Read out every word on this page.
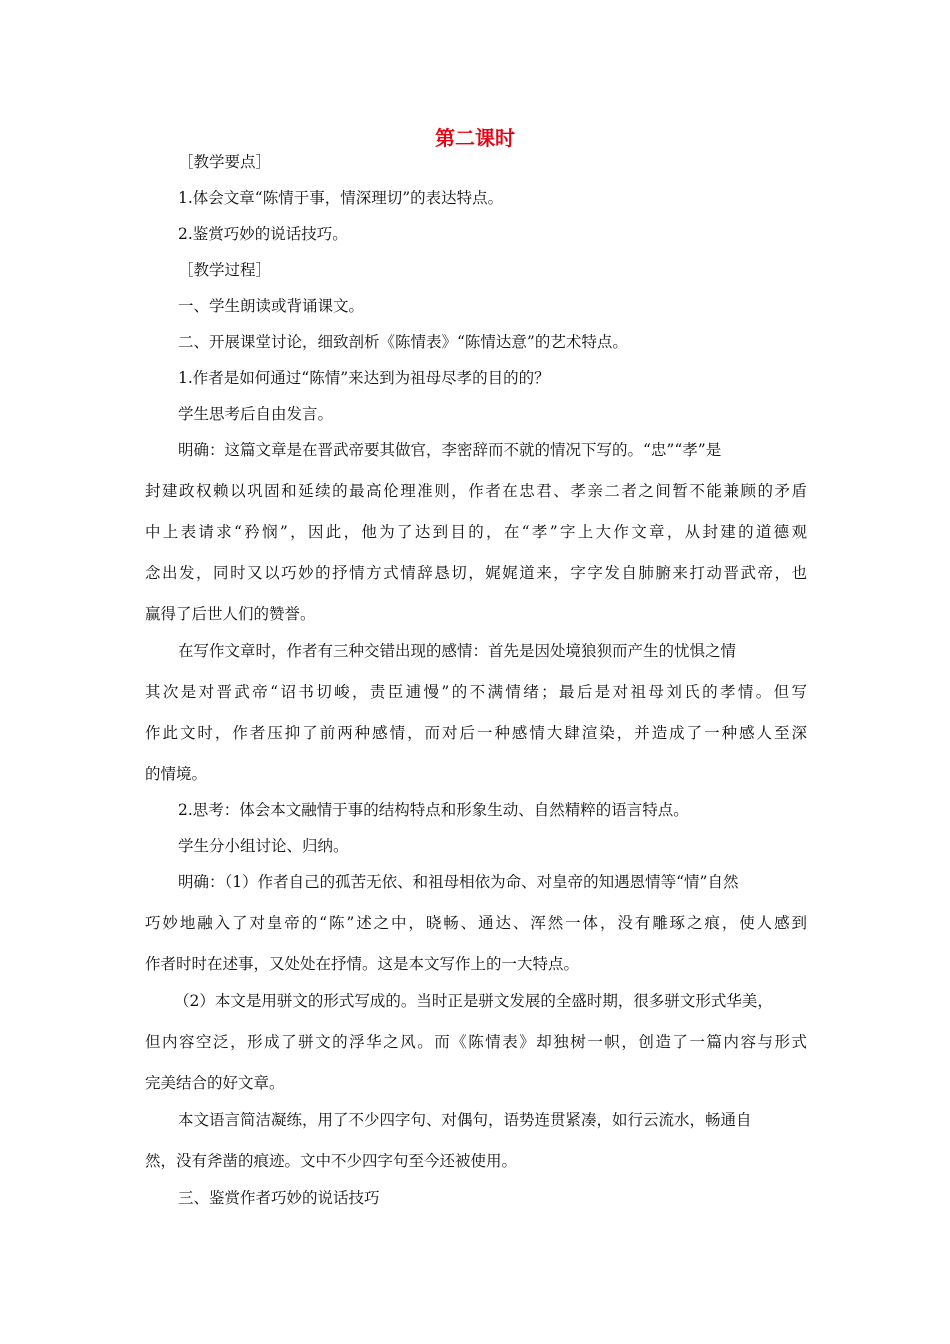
第二课时
［教学要点］
1.体会文章“陈情于事，情深理切”的表达特点。
2.鉴赏巧妙的说话技巧。
［教学过程］
一、学生朗读或背诵课文。
二、开展课堂讨论，细致剖析《陈情表》“陈情达意”的艺术特点。
1.作者是如何通过“陈情”来达到为祖母尽孝的目的的？
学生思考后自由发言。
明确：这篇文章是在晋武帝要其做官，李密辞而不就的情况下写的。“忠”“孝”是
封建政权赖以巩固和延续的最高伦理准则，作者在忠君、孝亲二者之间暂不能兼顾的矛盾
中上表请求“矜悯”，因此，他为了达到目的，在“孝”字上大作文章，从封建的道德观
念出发，同时又以巧妙的抒情方式情辞恳切，娓娓道来，字字发自肺腑来打动晋武帝，也
赢得了后世人们的赞誉。
在写作文章时，作者有三种交错出现的感情：首先是因处境狼狈而产生的忧惧之情
其次是对晋武帝“诏书切峻，责臣逋慢”的不满情绪；最后是对祖母刘氏的孝情。但写
作此文时，作者压抑了前两种感情，而对后一种感情大肆渲染，并造成了一种感人至深
的情境。
2.思考：体会本文融情于事的结构特点和形象生动、自然精粹的语言特点。
学生分小组讨论、归纳。
明确：（1）作者自己的孤苦无依、和祖母相依为命、对皇帝的知遇恩情等“情”自然
巧妙地融入了对皇帝的“陈”述之中，晓畅、通达、浑然一体，没有雕琢之痕，使人感到
作者时时在述事，又处处在抒情。这是本文写作上的一大特点。
（2）本文是用骈文的形式写成的。当时正是骈文发展的全盛时期，很多骈文形式华美，
但内容空泛，形成了骈文的浮华之风。而《陈情表》却独树一帜，创造了一篇内容与形式
完美结合的好文章。
本文语言简洁凝练，用了不少四字句、对偶句，语势连贯紧凑，如行云流水，畅通自
然，没有斧凿的痕迹。文中不少四字句至今还被使用。
三、鉴赏作者巧妙的说话技巧
